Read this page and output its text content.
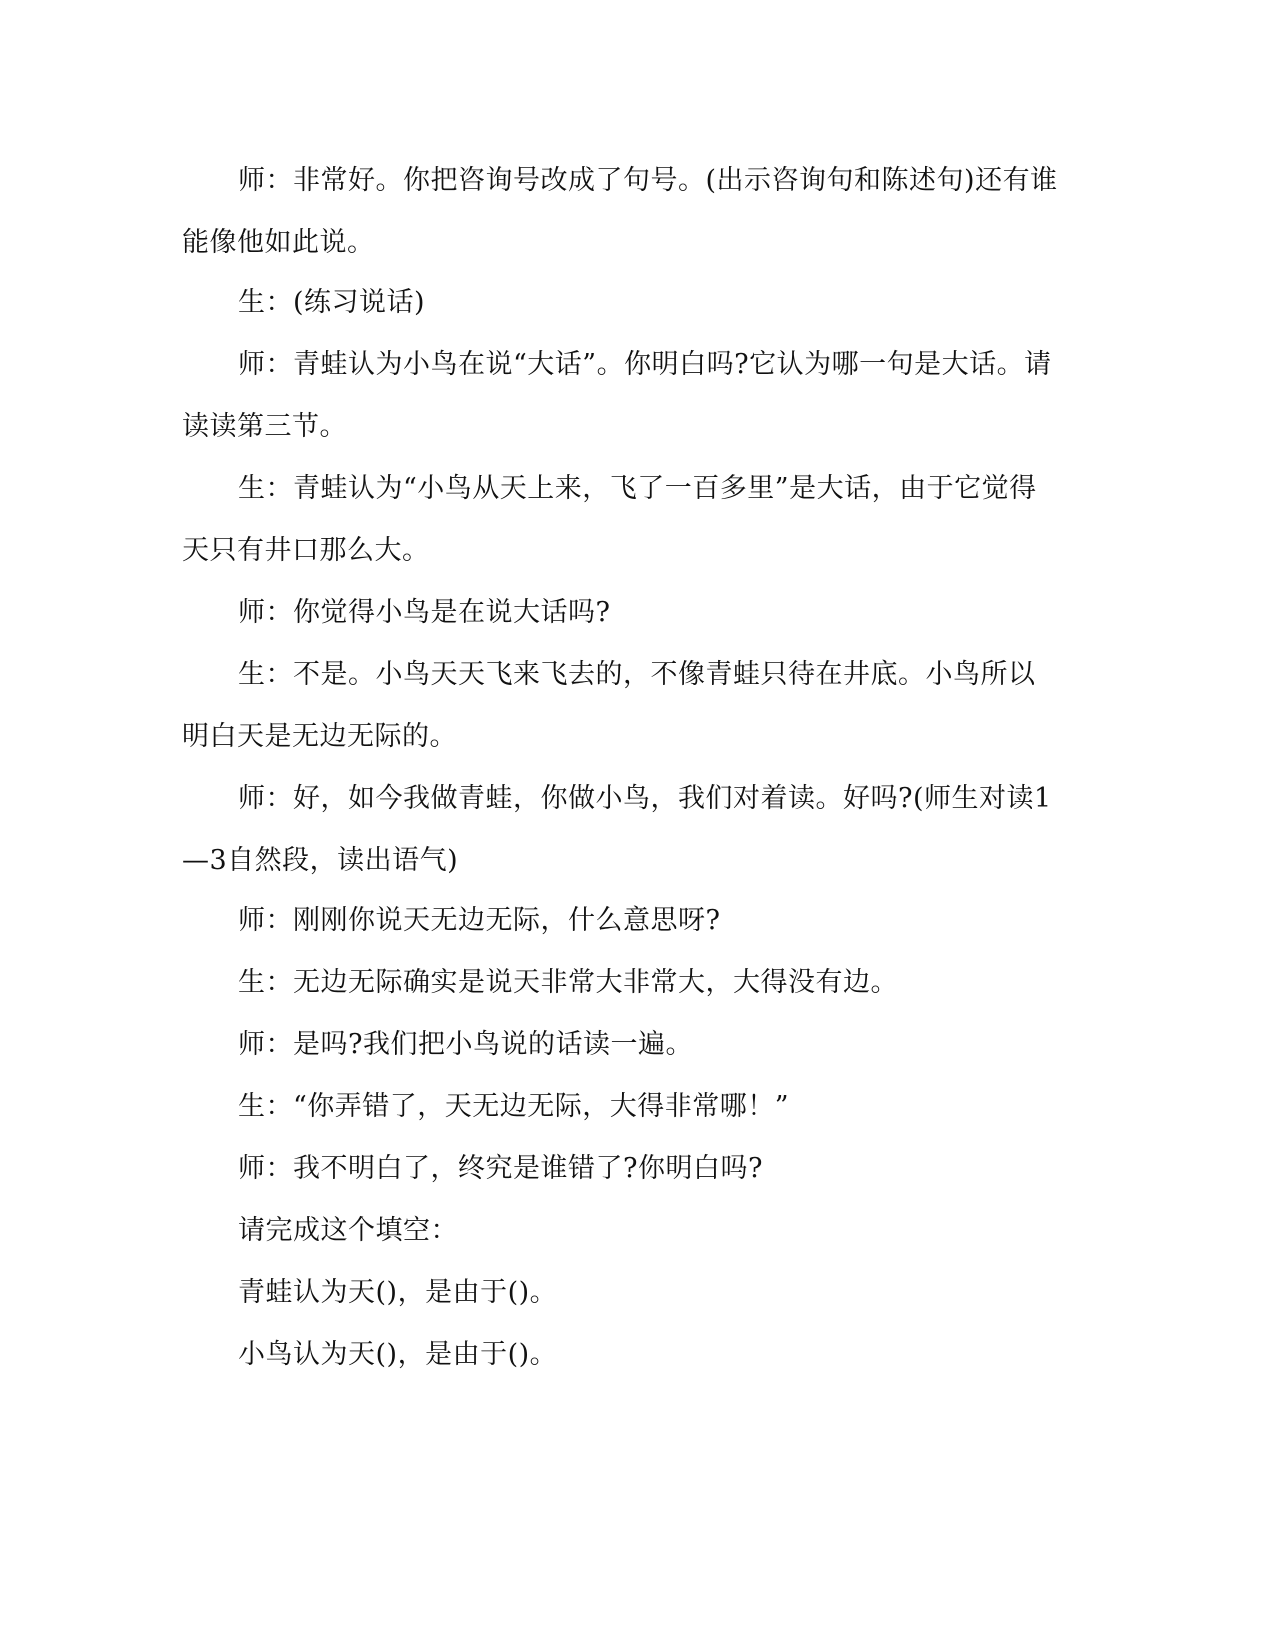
师：非常好。你把咨询号改成了句号。(出示咨询句和陈述句)还有谁能像他如此说。

生：(练习说话)

师：青蛙认为小鸟在说“大话”。你明白吗?它认为哪一句是大话。请读读第三节。

生：青蛙认为“小鸟从天上来，飞了一百多里”是大话，由于它觉得天只有井口那么大。

师：你觉得小鸟是在说大话吗?

生：不是。小鸟天天飞来飞去的，不像青蛙只待在井底。小鸟所以明白天是无边无际的。

师：好，如今我做青蛙，你做小鸟，我们对着读。好吗?(师生对读1—3自然段，读出语气)

师：刚刚你说天无边无际，什么意思呀?

生：无边无际确实是说天非常大非常大，大得没有边。

师：是吗?我们把小鸟说的话读一遍。

生：“你弄错了，天无边无际，大得非常哪！”

师：我不明白了，终究是谁错了?你明白吗?

请完成这个填空：

青蛙认为天()，是由于()。

小鸟认为天()，是由于()。
